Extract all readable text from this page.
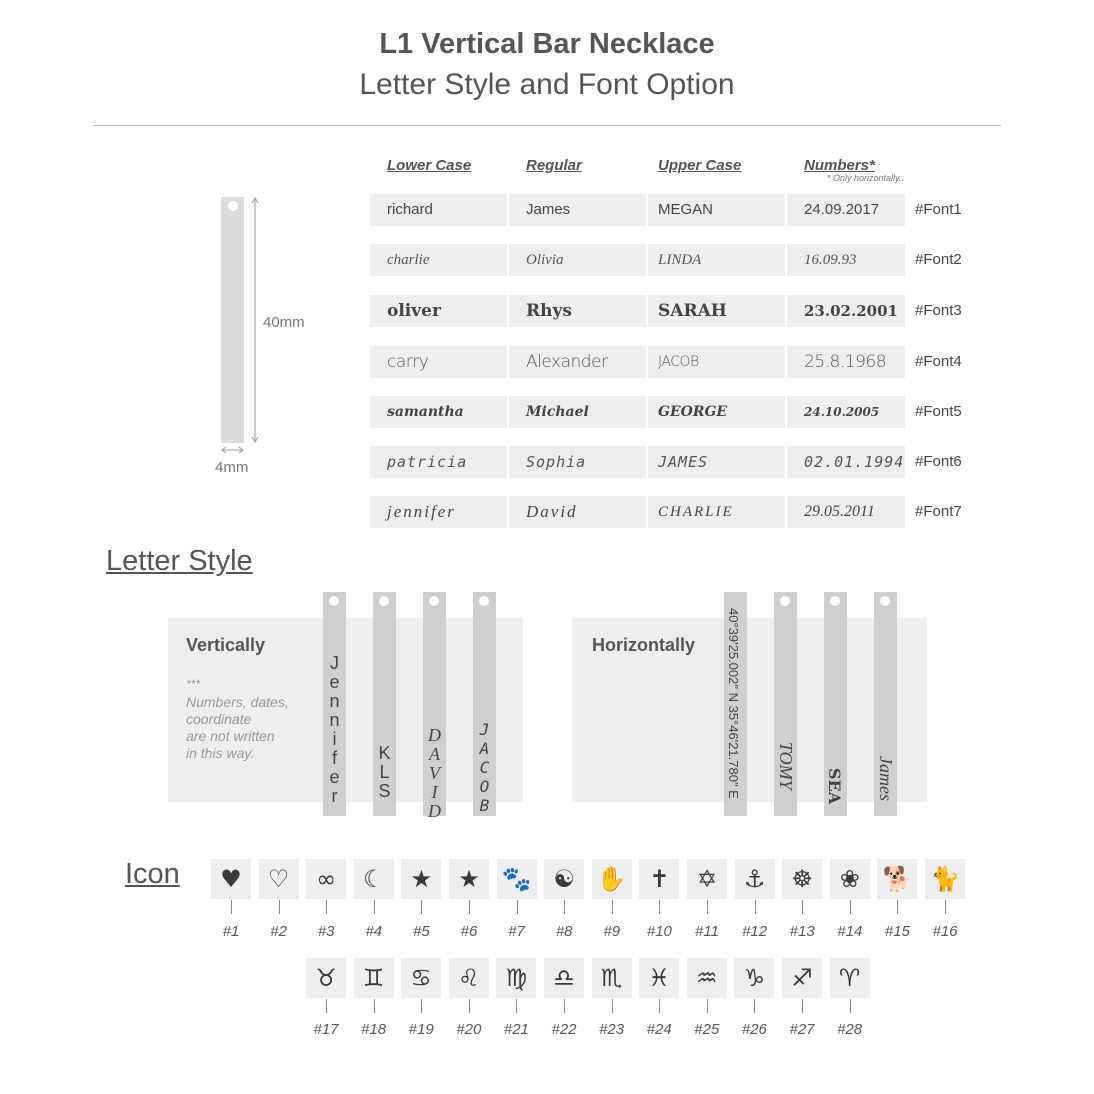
L1 Vertical Bar Necklace
Letter Style and Font Option
40mm
4mm
Lower Case	Regular	Upper Case	Numbers*
* Only horizontally..
richard	James	MEGAN	24.09.2017	#Font1
charlie	Olivia	LINDA	16.09.93	#Font2
oliver	Rhys	SARAH	23.02.2001	#Font3
carry	Alexander	JACOB	25.8.1968	#Font4
samantha	Michael	GEORGE	24.10.2005	#Font5
patricia	Sophia	JAMES	02.01.1994 #Font6
jennifer	David	CHARLIE	29.05.2011	#Font7
Letter Style
Vertically
***
Numbers, dates,
coordinate
are not written
in this way.
J
e
n
n
i
f
e
r
K
L
S
D
A
V
I
D
J
A
C
O
B
Horizontally 40°39'25.002" N 35°46'21.780" E TOMY SEA James
Icon	♥
#1
♡
#2
∞
#3
☾
#4
★
#5
★
#6
🐾
#7
☯
#8
✋
#9
✝
#10
✡
#11
⚓
#12
☸
#13
❀
#14
🐕
#15
🐈
#16
♉
#17
♊
#18
♋
#19
♌
#20
♍
#21
♎
#22
♏
#23
♓
#24
♒
#25
♑
#26
♐
#27
♈
#28
